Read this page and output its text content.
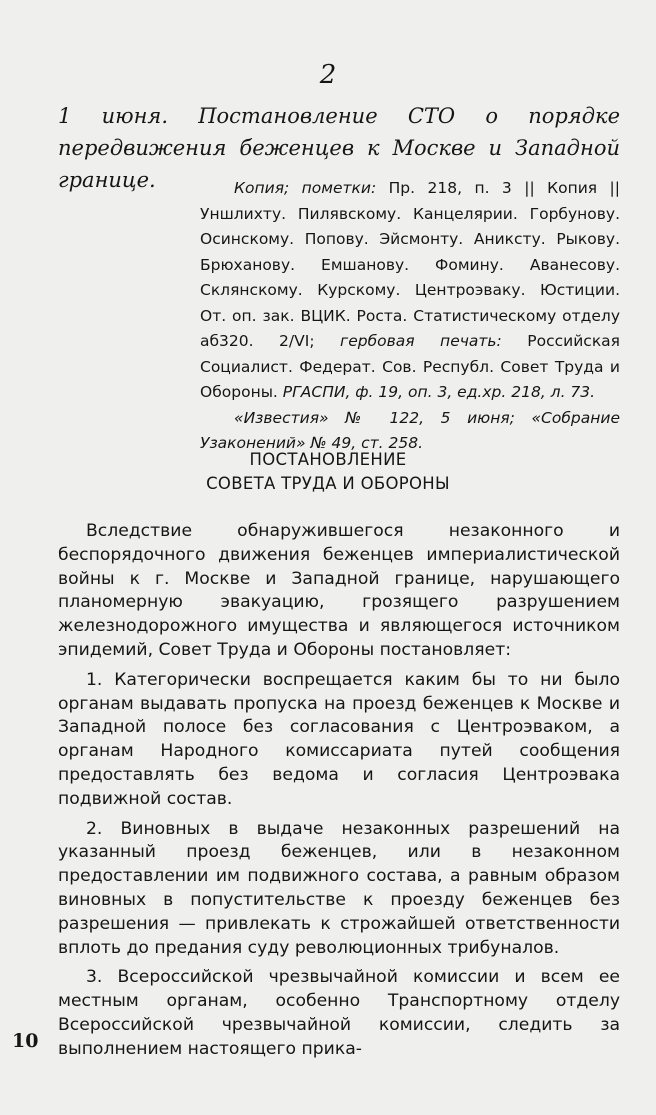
2
1 июня. Постановление СТО о порядке передвижения беженцев к Москве и Западной границе.	Копия; пометки: Пр. 218, п. 3 || Копия || Уншлихту. Пилявскому. Канцелярии. Горбунову. Осинскому. Попову. Эйсмонту. Аниксту. Рыкову. Брюханову. Емшанову. Фомину. Аванесову. Склянскому. Курскому. Центроэваку. Юстиции. От. оп. зак. ВЦИК. Роста. Статистическому отделу аб320. 2/VI; гербовая печать: Российская Социалист. Федерат. Сов. Республ. Совет Труда и Обороны. РГАСПИ, ф. 19, оп. 3, ед.хр. 218, л. 73.

«Известия» № 122, 5 июня; «Собрание Узаконений» № 49, ст. 258.

ПОСТАНОВЛЕНИЕ
СОВЕТА ТРУДА И ОБОРОНЫ

Вследствие обнаружившегося незаконного и беспорядочного движения беженцев империалистической войны к г. Москве и Западной границе, нарушающего планомерную эвакуацию, грозящего разрушением железнодорожного имущества и являющегося источником эпидемий, Совет Труда и Обороны постановляет:

1. Категорически воспрещается каким бы то ни было органам выдавать пропуска на проезд беженцев к Москве и Западной полосе без согласования с Центроэваком, а органам Народного комиссариата путей сообщения предоставлять без ведома и согласия Центроэвака подвижной состав.

2. Виновных в выдаче незаконных разрешений на указанный проезд беженцев, или в незаконном предоставлении им подвижного состава, а равным образом виновных в попустительстве к проезду беженцев без разрешения — привлекать к строжайшей ответственности вплоть до предания суду революционных трибуналов.

3. Всероссийской чрезвычайной комиссии и всем ее местным органам, особенно Транспортному отделу Всероссийской чрезвычайной комиссии, следить за выполнением настоящего прика-

10
